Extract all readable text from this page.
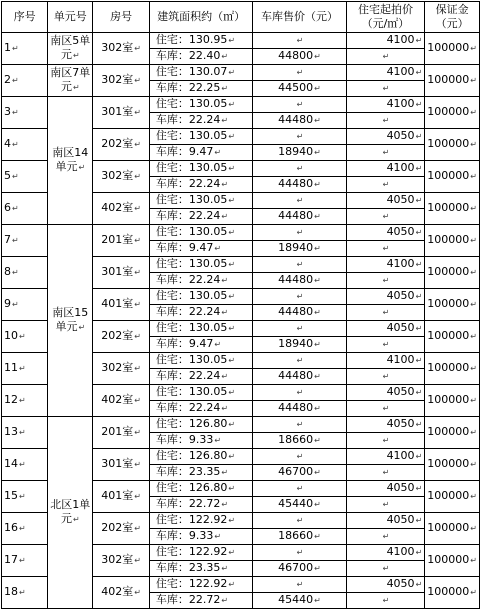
序号	单元号	房号	建筑面积约（㎡）	车库售价（元）	住宅起拍价（元/㎡）	保证金（元）
1↵	南区5单元↵	302室↵	住宅：130.95↵	↵	4100↵	100000↵
			车库：22.40↵	44800↵	↵	
2↵	南区7单元↵	302室↵	住宅：130.07↵	↵	4100↵	100000↵
			车库：22.25↵	44500↵	↵	
3↵	南区14单元↵	301室↵	住宅：130.05↵	↵	4100↵	100000↵
			车库：22.24↵	44480↵	↵	
4↵		202室↵	住宅：130.05↵	↵	4050↵	100000↵
			车库：9.47↵	18940↵	↵	
5↵		302室↵	住宅：130.05↵	↵	4100↵	100000↵
			车库：22.24↵	44480↵	↵	
6↵		402室↵	住宅：130.05↵	↵	4050↵	100000↵
			车库：22.24↵	44480↵	↵	
7↵	南区15单元↵	201室↵	住宅：130.05↵	↵	4050↵	100000↵
			车库：9.47↵	18940↵	↵	
8↵		301室↵	住宅：130.05↵	↵	4100↵	100000↵
			车库：22.24↵	44480↵	↵	
9↵		401室↵	住宅：130.05↵	↵	4050↵	100000↵
			车库：22.24↵	44480↵	↵	
10↵		202室↵	住宅：130.05↵	↵	4050↵	100000↵
			车库：9.47↵	18940↵	↵	
11↵		302室↵	住宅：130.05↵	↵	4100↵	100000↵
			车库：22.24↵	44480↵	↵	
12↵		402室↵	住宅：130.05↵	↵	4050↵	100000↵
			车库：22.24↵	44480↵	↵	
13↵	北区1单元↵	201室↵	住宅：126.80↵	↵	4050↵	100000↵
			车库：9.33↵	18660↵	↵	
14↵		301室↵	住宅：126.80↵	↵	4100↵	100000↵
			车库：23.35↵	46700↵	↵	
15↵		401室↵	住宅：126.80↵	↵	4050↵	100000↵
			车库：22.72↵	45440↵	↵	
16↵		202室↵	住宅：122.92↵	↵	4050↵	100000↵
			车库：9.33↵	18660↵	↵	
17↵		302室↵	住宅：122.92↵	↵	4100↵	100000↵
			车库：23.35↵	46700↵	↵	
18↵		402室↵	住宅：122.92↵	↵	4050↵	100000↵
			车库：22.72↵	45440↵	↵	
